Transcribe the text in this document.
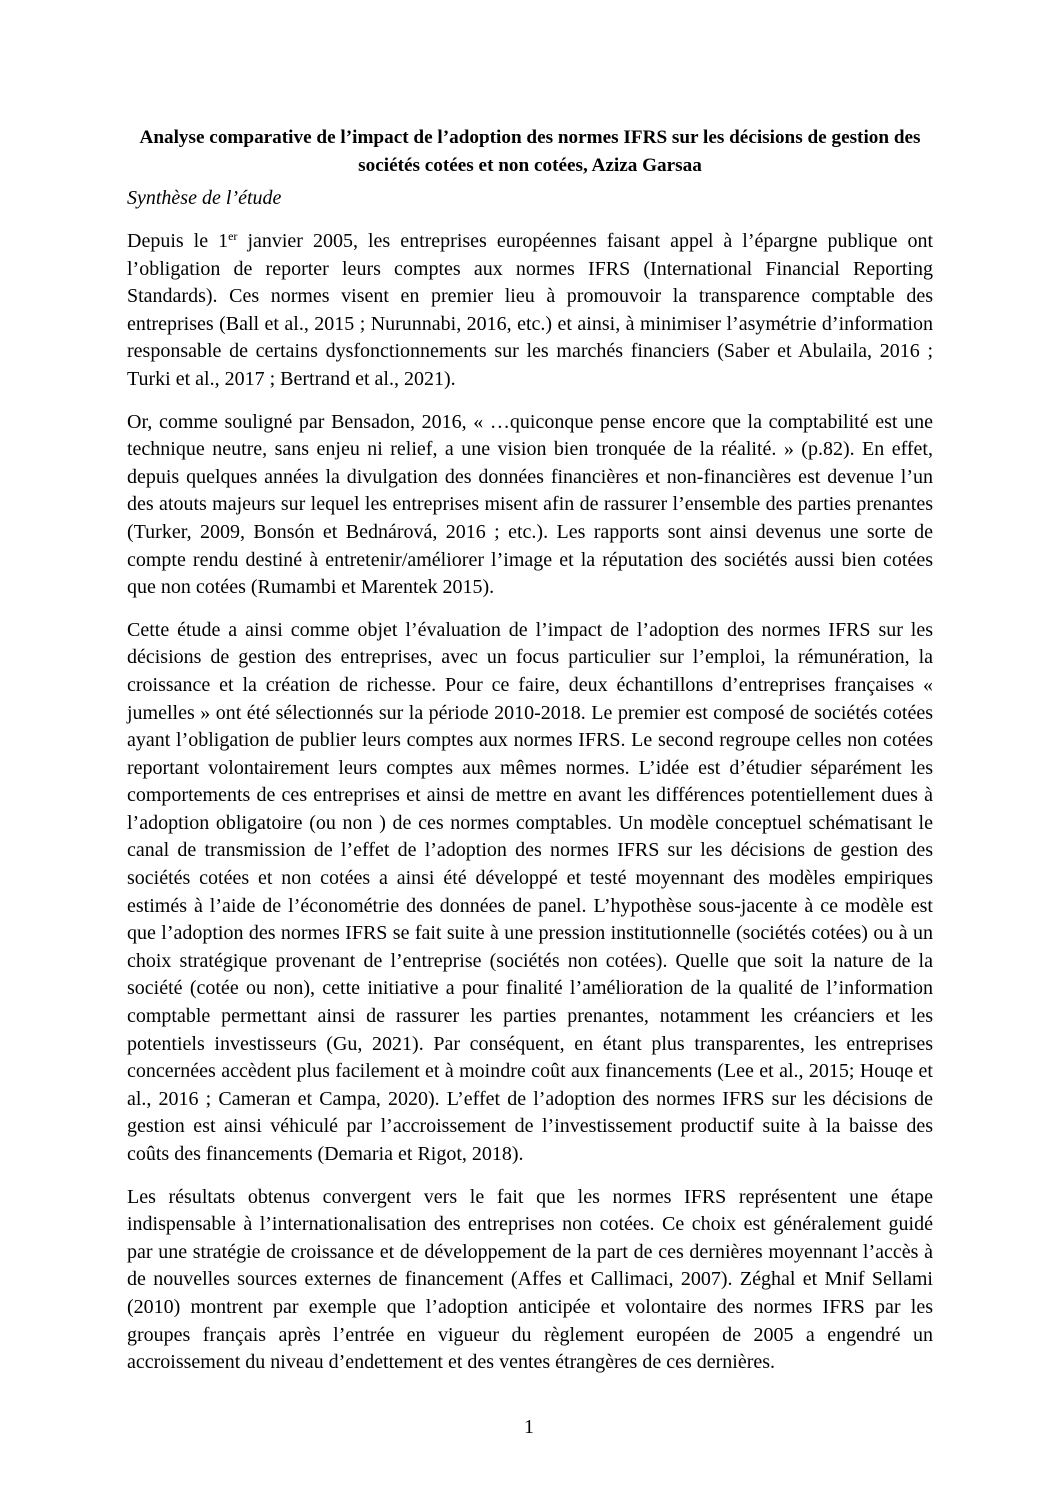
Analyse comparative de l’impact de l’adoption des normes IFRS sur les décisions de gestion des sociétés cotées et non cotées, Aziza Garsaa
Synthèse de l’étude

Depuis le 1er janvier 2005, les entreprises européennes faisant appel à l’épargne publique ont l’obligation de reporter leurs comptes aux normes IFRS (International Financial Reporting Standards). Ces normes visent en premier lieu à promouvoir la transparence comptable des entreprises (Ball et al., 2015 ; Nurunnabi, 2016, etc.) et ainsi, à minimiser l’asymétrie d’information responsable de certains dysfonctionnements sur les marchés financiers (Saber et Abulaila, 2016 ; Turki et al., 2017 ; Bertrand et al., 2021).

Or, comme souligné par Bensadon, 2016, « …quiconque pense encore que la comptabilité est une technique neutre, sans enjeu ni relief, a une vision bien tronquée de la réalité. » (p.82). En effet, depuis quelques années la divulgation des données financières et non-financières est devenue l’un des atouts majeurs sur lequel les entreprises misent afin de rassurer l’ensemble des parties prenantes (Turker, 2009, Bonsón et Bednárová, 2016 ; etc.). Les rapports sont ainsi devenus une sorte de compte rendu destiné à entretenir/améliorer l’image et la réputation des sociétés aussi bien cotées que non cotées (Rumambi et Marentek 2015).

Cette étude a ainsi comme objet l’évaluation de l’impact de l’adoption des normes IFRS sur les décisions de gestion des entreprises, avec un focus particulier sur l’emploi, la rémunération, la croissance et la création de richesse. Pour ce faire, deux échantillons d’entreprises françaises « jumelles » ont été sélectionnés sur la période 2010-2018. Le premier est composé de sociétés cotées ayant l’obligation de publier leurs comptes aux normes IFRS. Le second regroupe celles non cotées reportant volontairement leurs comptes aux mêmes normes. L’idée est d’étudier séparément les comportements de ces entreprises et ainsi de mettre en avant les différences potentiellement dues à l’adoption obligatoire (ou non ) de ces normes comptables. Un modèle conceptuel schématisant le canal de transmission de l’effet de l’adoption des normes IFRS sur les décisions de gestion des sociétés cotées et non cotées a ainsi été développé et testé moyennant des modèles empiriques estimés à l’aide de l’économétrie des données de panel. L’hypothèse sous-jacente à ce modèle est que l’adoption des normes IFRS se fait suite à une pression institutionnelle (sociétés cotées) ou à un choix stratégique provenant de l’entreprise (sociétés non cotées). Quelle que soit la nature de la société (cotée ou non), cette initiative a pour finalité l’amélioration de la qualité de l’information comptable permettant ainsi de rassurer les parties prenantes, notamment les créanciers et les potentiels investisseurs (Gu, 2021). Par conséquent, en étant plus transparentes, les entreprises concernées accèdent plus facilement et à moindre coût aux financements (Lee et al., 2015; Houqe et al., 2016 ; Cameran et Campa, 2020). L’effet de l’adoption des normes IFRS sur les décisions de gestion est ainsi véhiculé par l’accroissement de l’investissement productif suite à la baisse des coûts des financements (Demaria et Rigot, 2018).

Les résultats obtenus convergent vers le fait que les normes IFRS représentent une étape indispensable à l’internationalisation des entreprises non cotées. Ce choix est généralement guidé par une stratégie de croissance et de développement de la part de ces dernières moyennant l’accès à de nouvelles sources externes de financement (Affes et Callimaci, 2007). Zéghal et Mnif Sellami (2010) montrent par exemple que l’adoption anticipée et volontaire des normes IFRS par les groupes français après l’entrée en vigueur du règlement européen de 2005 a engendré un accroissement du niveau d’endettement et des ventes étrangères de ces dernières.

1
